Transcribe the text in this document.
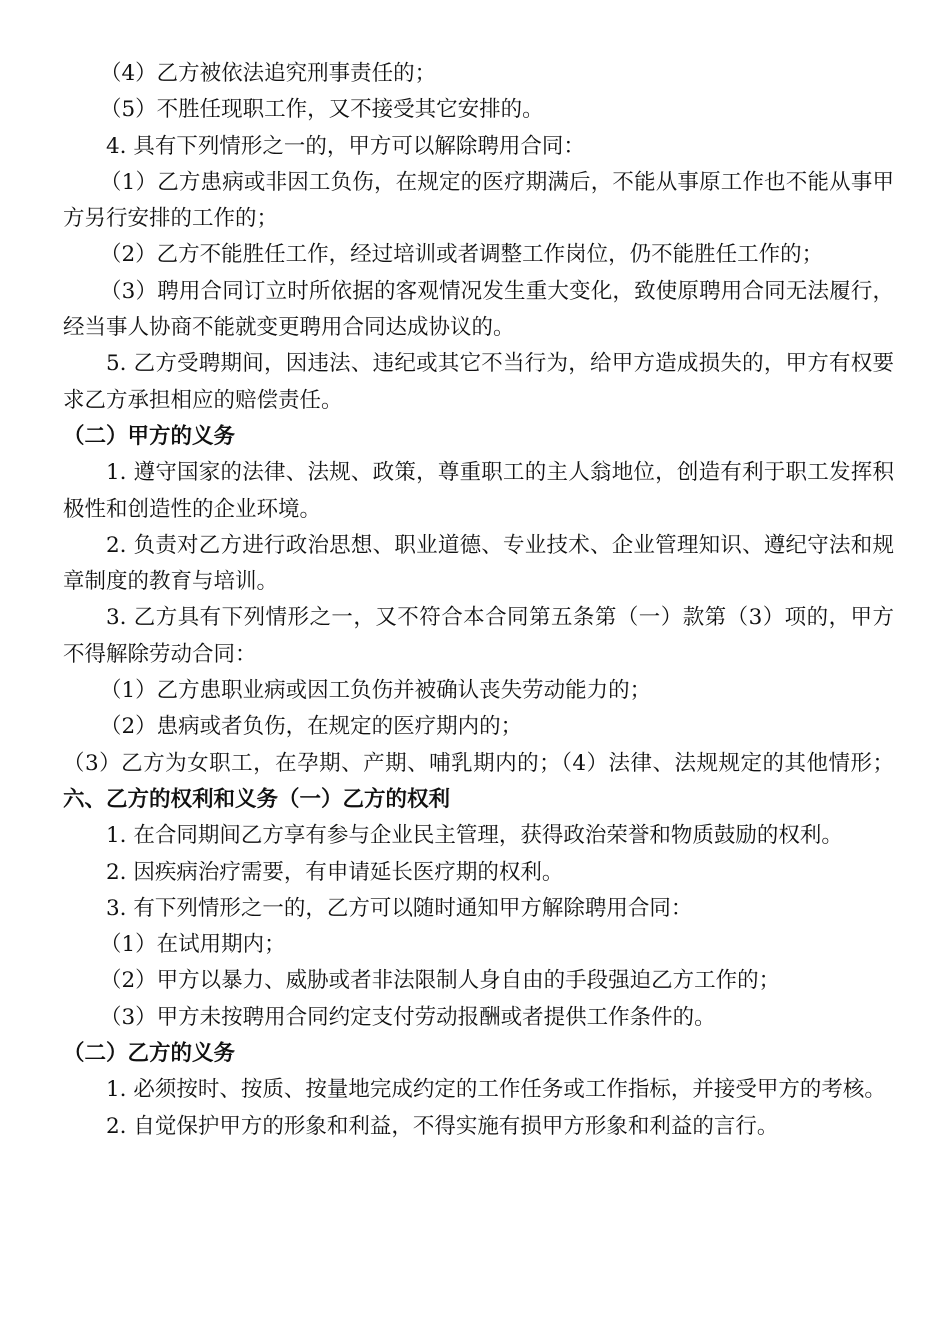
（4）乙方被依法追究刑事责任的；

（5）不胜任现职工作，又不接受其它安排的。

4. 具有下列情形之一的，甲方可以解除聘用合同：

（1）乙方患病或非因工负伤，在规定的医疗期满后，不能从事原工作也不能从事甲方另行安排的工作的；

（2）乙方不能胜任工作，经过培训或者调整工作岗位，仍不能胜任工作的；

（3）聘用合同订立时所依据的客观情况发生重大变化，致使原聘用合同无法履行，经当事人协商不能就变更聘用合同达成协议的。

5. 乙方受聘期间，因违法、违纪或其它不当行为，给甲方造成损失的，甲方有权要求乙方承担相应的赔偿责任。

（二）甲方的义务

1. 遵守国家的法律、法规、政策，尊重职工的主人翁地位，创造有利于职工发挥积极性和创造性的企业环境。

2. 负责对乙方进行政治思想、职业道德、专业技术、企业管理知识、遵纪守法和规章制度的教育与培训。

3. 乙方具有下列情形之一，又不符合本合同第五条第（一）款第（3）项的，甲方不得解除劳动合同：

（1）乙方患职业病或因工负伤并被确认丧失劳动能力的；

（2）患病或者负伤，在规定的医疗期内的；

（3）乙方为女职工，在孕期、产期、哺乳期内的；（4）法律、法规规定的其他情形；六、乙方的权利和义务（一）乙方的权利

1. 在合同期间乙方享有参与企业民主管理，获得政治荣誉和物质鼓励的权利。

2. 因疾病治疗需要，有申请延长医疗期的权利。

3. 有下列情形之一的，乙方可以随时通知甲方解除聘用合同：

（1）在试用期内；

（2）甲方以暴力、威胁或者非法限制人身自由的手段强迫乙方工作的；

（3）甲方未按聘用合同约定支付劳动报酬或者提供工作条件的。

（二）乙方的义务

1. 必须按时、按质、按量地完成约定的工作任务或工作指标，并接受甲方的考核。

2. 自觉保护甲方的形象和利益，不得实施有损甲方形象和利益的言行。
